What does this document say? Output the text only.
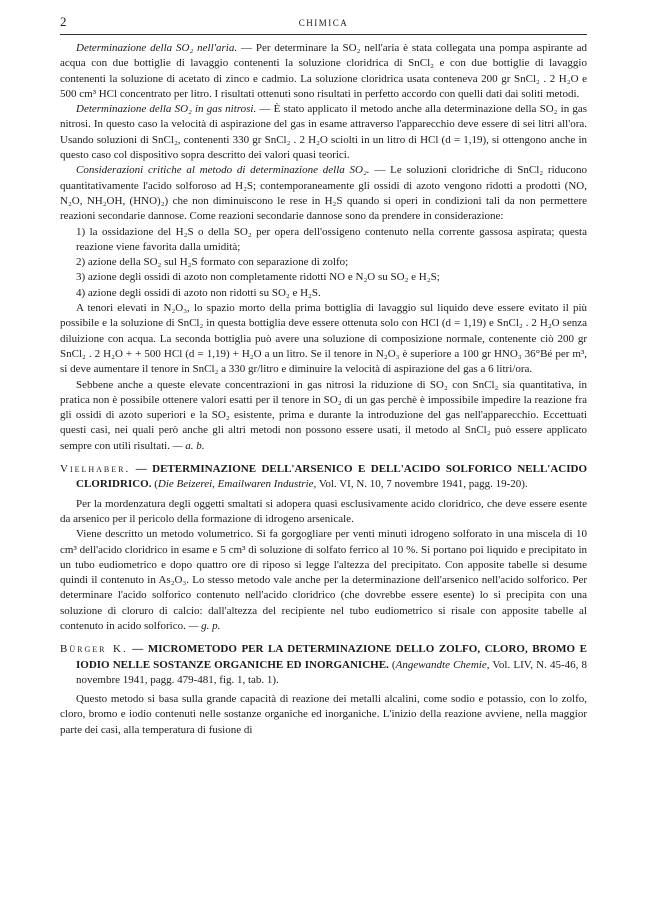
2	CHIMICA

Determinazione della SO₂ nell'aria. — Per determinare la SO₂ nell'aria è stata collegata una pompa aspirante ad acqua con due bottiglie di lavaggio contenenti la soluzione cloridrica di SnCl₂ e con due bottiglie di lavaggio contenenti la soluzione di acetato di zinco e cadmio. La soluzione cloridrica usata conteneva 200 gr SnCl₂ . 2 H₂O e 500 cm³ HCl concentrato per litro. I risultati ottenuti sono risultati in perfetto accordo con quelli dati dai soliti metodi.

Determinazione della SO₂ in gas nitrosi. — È stato applicato il metodo anche alla determinazione della SO₂ in gas nitrosi. In questo caso la velocità di aspirazione del gas in esame attraverso l'apparecchio deve essere di sei litri all'ora. Usando soluzioni di SnCl₂, contenenti 330 gr SnCl₂ . 2 H₂O sciolti in un litro di HCl (d = 1,19), si ottengono anche in questo caso col dispositivo sopra descritto dei valori quasi teorici.

Considerazioni critiche al metodo di determinazione della SO₂. — Le soluzioni cloridriche di SnCl₂ riducono quantitativamente l'acido solforoso ad H₂S; contemporaneamente gli ossidi di azoto vengono ridotti a prodotti (NO, N₂O, NH₂OH, (HNO)₂) che non diminuiscono le rese in H₂S quando si operi in condizioni tali da non permettere reazioni secondarie dannose. Come reazioni secondarie dannose sono da prendere in considerazione:

1) la ossidazione del H₂S o della SO₂ per opera dell'ossigeno contenuto nella corrente gassosa aspirata; questa reazione viene favorita dalla umidità;
2) azione della SO₂ sul H₂S formato con separazione di zolfo;
3) azione degli ossidi di azoto non completamente ridotti NO e N₂O su SO₂ e H₂S;
4) azione degli ossidi di azoto non ridotti su SO₂ e H₂S.

A tenori elevati in N₂O₃, lo spazio morto della prima bottiglia di lavaggio sul liquido deve essere evitato il più possibile e la soluzione di SnCl₂ in questa bottiglia deve essere ottenuta solo con HCl (d = 1,19) e SnCl₂ . 2 H₂O senza diluizione con acqua. La seconda bottiglia può avere una soluzione di composizione normale, contenente ciò 200 gr SnCl₂ . 2 H₂O + + 500 HCl (d = 1,19) + H₂O a un litro. Se il tenore in N₂O₃ è superiore a 100 gr HNO₃ 36°Bé per m³, si deve aumentare il tenore in SnCl₂ a 330 gr/litro e diminuire la velocità di aspirazione del gas a 6 litri/ora.

Sebbene anche a queste elevate concentrazioni in gas nitrosi la riduzione di SO₂ con SnCl₂ sia quantitativa, in pratica non è possibile ottenere valori esatti per il tenore in SO₂ di un gas perchè è impossibile impedire la reazione fra gli ossidi di azoto superiori e la SO₂ esistente, prima e durante la introduzione del gas nell'apparecchio. Eccettuati questi casi, nei quali però anche gli altri metodi non possono essere usati, il metodo al SnCl₂ può essere applicato sempre con utili risultati. — a. b.

Vielhaber. — DETERMINAZIONE DELL'ARSENICO E DELL'ACIDO SOLFORICO NELL'ACIDO CLORIDRICO. (Die Beizerei, Emailwaren Industrie, Vol. VI, N. 10, 7 novembre 1941, pagg. 19-20).

Per la mordenzatura degli oggetti smaltati si adopera quasi esclusivamente acido cloridrico, che deve essere esente da arsenico per il pericolo della formazione di idrogeno arsenicale.

Viene descritto un metodo volumetrico. Si fa gorgogliare per venti minuti idrogeno solforato in una miscela di 10 cm³ dell'acido cloridrico in esame e 5 cm³ di soluzione di solfato ferrico al 10 %. Si portano poi liquido e precipitato in un tubo eudiometrico e dopo quattro ore di riposo si legge l'altezza del precipitato. Con apposite tabelle si desume quindi il contenuto in As₂O₃. Lo stesso metodo vale anche per la determinazione dell'arsenico nell'acido solforico. Per determinare l'acido solforico contenuto nell'acido cloridrico (che dovrebbe essere esente) lo si precipita con una soluzione di cloruro di calcio: dall'altezza del recipiente nel tubo eudiometrico si risale con apposite tabelle al contenuto in acido solforico. — g. p.

Bürger K. — MICROMETODO PER LA DETERMINAZIONE DELLO ZOLFO, CLORO, BROMO E IODIO NELLE SOSTANZE ORGANICHE ED INORGANICHE. (Angewandte Chemie, Vol. LIV, N. 45-46, 8 novembre 1941, pagg. 479-481, fig. 1, tab. 1).

Questo metodo si basa sulla grande capacità di reazione dei metalli alcalini, come sodio e potassio, con lo zolfo, cloro, bromo e iodio contenuti nelle sostanze organiche ed inorganiche. L'inizio della reazione avviene, nella maggior parte dei casi, alla temperatura di fusione di
